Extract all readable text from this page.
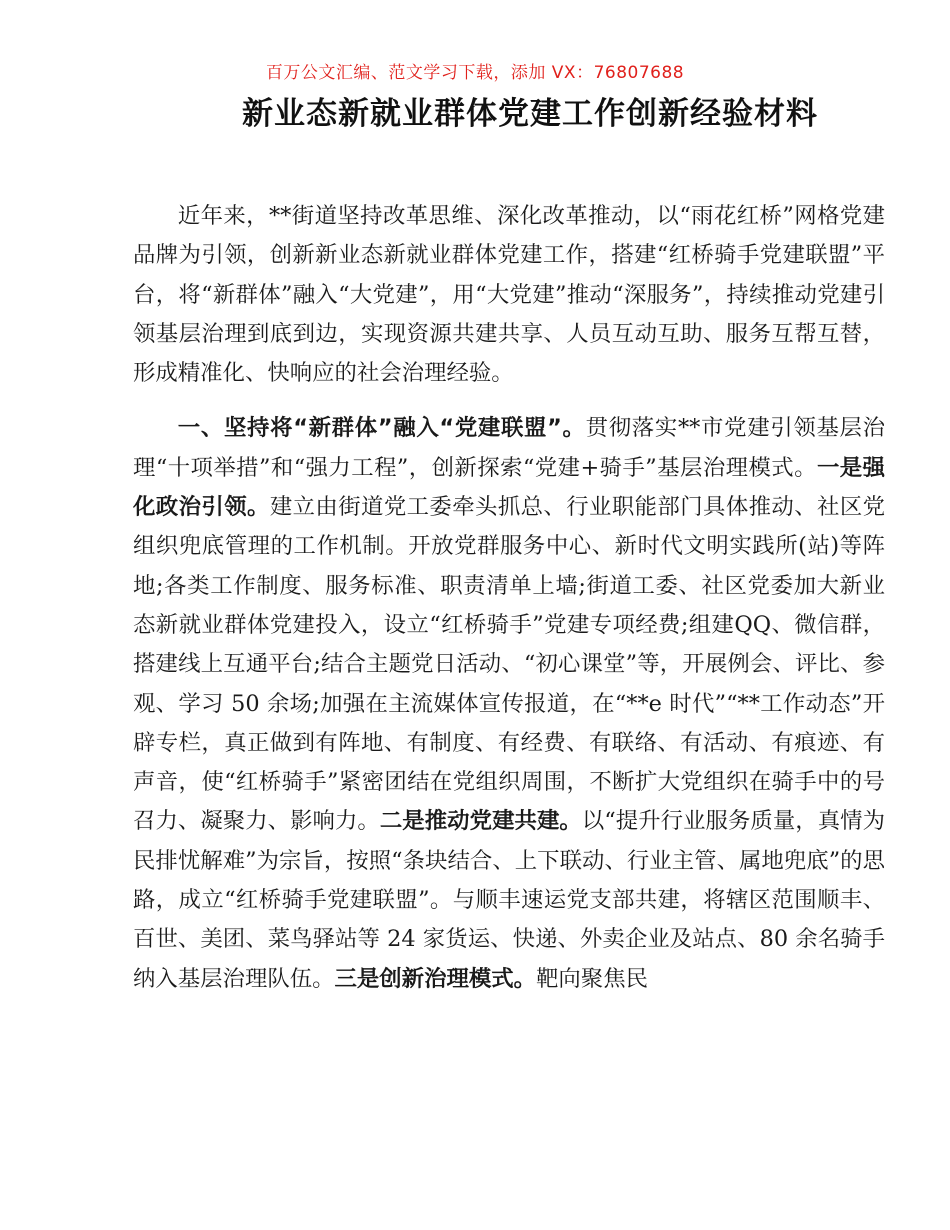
百万公文汇编、范文学习下载，添加 VX：76807688
新业态新就业群体党建工作创新经验材料

近年来，**街道坚持改革思维、深化改革推动，以“雨花红桥”网格党建品牌为引领，创新新业态新就业群体党建工作，搭建“红桥骑手党建联盟”平台，将“新群体”融入“大党建”，用“大党建”推动“深服务”，持续推动党建引领基层治理到底到边，实现资源共建共享、人员互动互助、服务互帮互替，形成精准化、快响应的社会治理经验。

一、坚持将“新群体”融入“党建联盟”。贯彻落实**市党建引领基层治理“十项举措”和“强力工程”，创新探索“党建+骑手”基层治理模式。一是强化政治引领。建立由街道党工委牵头抓总、行业职能部门具体推动、社区党组织兜底管理的工作机制。开放党群服务中心、新时代文明实践所(站)等阵地;各类工作制度、服务标准、职责清单上墙;街道工委、社区党委加大新业态新就业群体党建投入，设立“红桥骑手”党建专项经费;组建QQ、微信群，搭建线上互通平台;结合主题党日活动、“初心课堂”等，开展例会、评比、参观、学习 50 余场;加强在主流媒体宣传报道，在“**e 时代”“**工作动态”开辟专栏，真正做到有阵地、有制度、有经费、有联络、有活动、有痕迹、有声音，使“红桥骑手”紧密团结在党组织周围，不断扩大党组织在骑手中的号召力、凝聚力、影响力。二是推动党建共建。以“提升行业服务质量，真情为民排忧解难”为宗旨，按照“条块结合、上下联动、行业主管、属地兜底”的思路，成立“红桥骑手党建联盟”。与顺丰速运党支部共建，将辖区范围顺丰、百世、美团、菜鸟驿站等 24 家货运、快递、外卖企业及站点、80 余名骑手纳入基层治理队伍。三是创新治理模式。靶向聚焦民
